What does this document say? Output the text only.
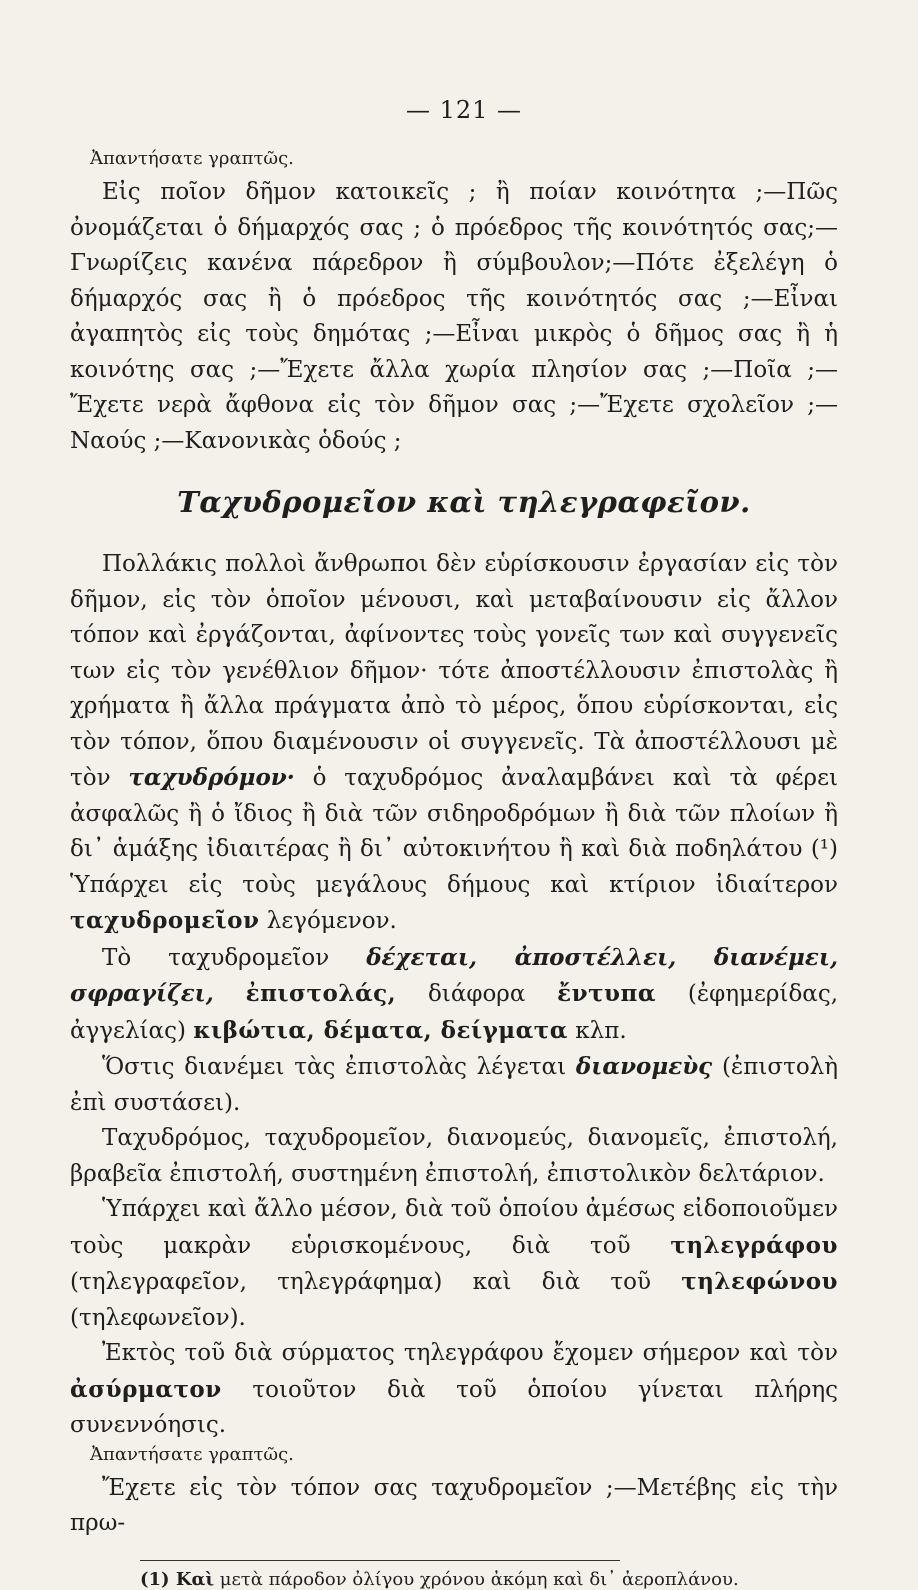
— 121 —

Ἀπαντήσατε γραπτῶς.

Εἰς ποῖον δῆμον κατοικεῖς ; ἢ ποίαν κοινότητα ;—Πῶς ὀνομάζεται ὁ δήμαρχός σας ; ὁ πρόεδρος τῆς κοινότητός σας;—Γνωρίζεις κανένα πάρεδρον ἢ σύμβουλον;—Πότε ἐξελέγη ὁ δήμαρχός σας ἢ ὁ πρόεδρος τῆς κοινότητός σας ;—Εἶναι ἀγαπητὸς εἰς τοὺς δημότας ;—Εἶναι μικρὸς ὁ δῆμος σας ἢ ἡ κοινότης σας ;—Ἔχετε ἄλλα χωρία πλησίον σας ;—Ποῖα ;—Ἔχετε νερὰ ἄφθονα εἰς τὸν δῆμον σας ;—Ἔχετε σχολεῖον ;—Ναούς ;—Κανονικὰς ὁδούς ;

Ταχυδρομεῖον καὶ τηλεγραφεῖον.

Πολλάκις πολλοὶ ἄνθρωποι δὲν εὑρίσκουσιν ἐργασίαν εἰς τὸν δῆμον, εἰς τὸν ὁποῖον μένουσι, καὶ μεταβαίνουσιν εἰς ἄλλον τόπον καὶ ἐργάζονται, ἀφίνοντες τοὺς γονεῖς των καὶ συγγενεῖς των εἰς τὸν γενέθλιον δῆμον· τότε ἀποστέλλουσιν ἐπιστολὰς ἢ χρήματα ἢ ἄλλα πράγματα ἀπὸ τὸ μέρος, ὅπου εὑρίσκονται, εἰς τὸν τόπον, ὅπου διαμένουσιν οἱ συγγενεῖς. Τὰ ἀποστέλλουσι μὲ τὸν ταχυδρόμον· ὁ ταχυδρόμος ἀναλαμβάνει καὶ τὰ φέρει ἀσφαλῶς ἢ ὁ ἴδιος ἢ διὰ τῶν σιδηροδρόμων ἢ διὰ τῶν πλοίων ἢ δι᾽ ἁμάξης ἰδιαιτέρας ἢ δι᾽ αὐτοκινήτου ἢ καὶ διὰ ποδηλάτου (¹) Ὑπάρχει εἰς τοὺς μεγάλους δήμους καὶ κτίριον ἰδιαίτερον ταχυδρομεῖον λεγόμενον.

Τὸ ταχυδρομεῖον δέχεται, ἀποστέλλει, διανέμει, σφραγίζει, ἐπιστολάς, διάφορα ἔντυπα (ἐφημερίδας, ἀγγελίας) κιβώτια, δέματα, δείγματα κλπ.

Ὅστις διανέμει τὰς ἐπιστολὰς λέγεται διανομεὺς (ἐπιστολὴ ἐπὶ συστάσει).

Ταχυδρόμος, ταχυδρομεῖον, διανομεύς, διανομεῖς, ἐπιστολή, βραβεῖα ἐπιστολή, συστημένη ἐπιστολή, ἐπιστολικὸν δελτάριον.

Ὑπάρχει καὶ ἄλλο μέσον, διὰ τοῦ ὁποίου ἀμέσως εἰδοποιοῦμεν τοὺς μακρὰν εὑρισκομένους, διὰ τοῦ τηλεγράφου (τηλεγραφεῖον, τηλεγράφημα) καὶ διὰ τοῦ τηλεφώνου (τηλεφωνεῖον).

Ἐκτὸς τοῦ διὰ σύρματος τηλεγράφου ἔχομεν σήμερον καὶ τὸν ἀσύρματον τοιοῦτον διὰ τοῦ ὁποίου γίνεται πλήρης συνεννόησις.

Ἀπαντήσατε γραπτῶς.

Ἔχετε εἰς τὸν τόπον σας ταχυδρομεῖον ;—Μετέβης εἰς τὴν πρω-

(1) Καὶ μετὰ πάροδον ὀλίγου χρόνου ἀκόμη καὶ δι᾽ ἀεροπλάνου.
